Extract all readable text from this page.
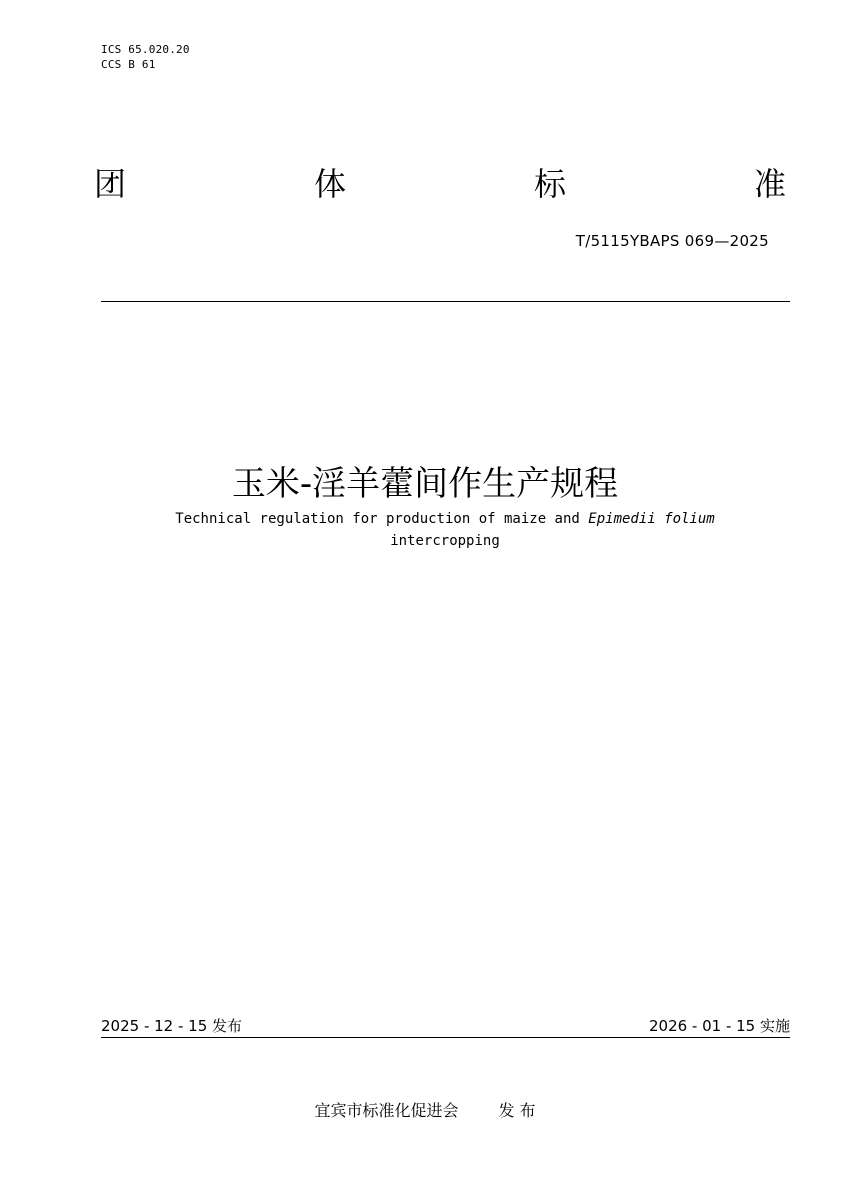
ICS 65.020.20
CCS B 61
团	体	标	准
T/5115YBAPS 069—2025
玉米-淫羊藿间作生产规程
Technical regulation for production of maize and Epimedii folium
intercropping
2025 - 12 - 15 发布	2026 - 01 - 15 实施
宜宾市标准化促进会	发 布
